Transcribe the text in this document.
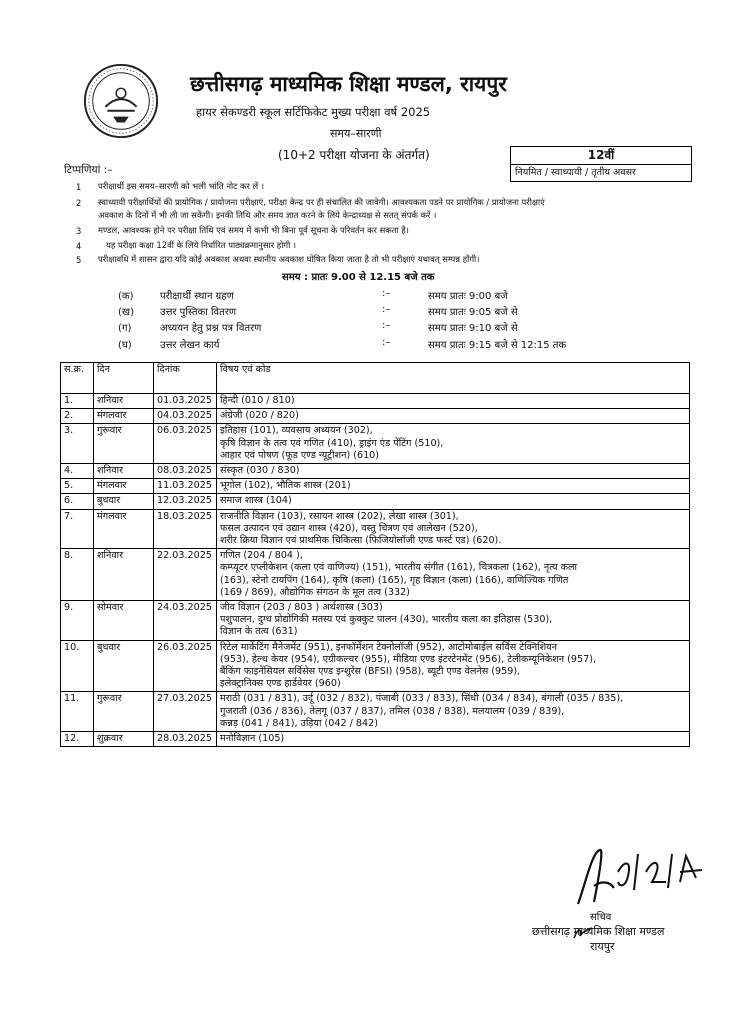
छत्तीसगढ़ माध्यमिक शिक्षा मण्डल, रायपुर
हायर सेकण्डरी स्कूल सर्टिफिकेट मुख्य परीक्षा वर्ष 2025
समय–सारणी
(10+2 परीक्षा योजना के अंतर्गत)	12वीं
नियमित / स्वाध्यायी / तृतीय अवसर
टिप्पणियां :–
1 परीक्षार्थी इस समय–सारणी को भली भांति नोट कर लें ।
2 स्वाध्यायी परीक्षार्थियों की प्रायोगिक / प्रायोजना परीक्षाएं, परीक्षा केन्द्र पर ही संचालित की जावेगी। आवश्यकता पडने पर प्रायोगिक / प्रायोजना परीक्षाएं
अवकाश के दिनों में भी ली जा सकेंगी। इनकी तिथि और समय ज्ञात करने के लिये केन्द्राध्यक्ष से सतत् संपर्क करें ।
3 मण्डल, आवश्यक होने पर परीक्षा तिथि एवं समय में कभी भी बिना पूर्व सूचना के परिवर्तन कर सकता है।
4	यह परीक्षा कक्षा 12वीं के लिये निर्धारित पाठ्यक्रमानुसार होगी ।
5 परीक्षावधि में शासन द्वारा यदि कोई अवकाश अथवा स्थानीय अवकाश घोषित किया जाता है तो भी परीक्षाएं यथावत् सम्पन्न होंगी।
समय : प्रातः 9.00 से 12.15 बजे तक
(क)	परीक्षार्थी स्थान ग्रहण	:–	समय प्रातः 9:00 बजे
(ख)	उत्तर पुस्तिका वितरण	:–	समय प्रातः 9:05 बजे से
(ग)	अध्ययन हेतु प्रश्न पत्र वितरण	:–	समय प्रातः 9:10 बजे से
(घ)	उत्तर लेखन कार्य	:–	समय प्रातः 9:15 बजे से 12:15 तक
स.क्र.	दिन	दिनांक	विषय एवं कोड
1.	शनिवार	01.03.2025	हिन्दी (010 / 810)

2.	मंगलवार	04.03.2025	अंग्रेजी (020 / 820)

3.	गुरूवार	06.03.2025	इतिहास (101), व्यवसाय अध्ययन (302),
कृषि विज्ञान के तत्व एवं गणित (410), ड्राइंग एंड पेंटिंग (510),
आहार एवं पोषण (फूड एण्ड न्यूट्रीशन) (610)

4.	शनिवार	08.03.2025	संस्कृत (030 / 830)

5.	मंगलवार	11.03.2025	भूगोल (102), भौतिक शास्त्र (201)

6.	बुधवार	12.03.2025	समाज शास्त्र (104)

7.	मंगलवार	18.03.2025	राजनीति विज्ञान (103), रसायन शास्त्र (202), लेखा शास्त्र (301),
फसल उत्पादन एवं उद्यान शास्त्र (420), वस्तु चित्रण एवं आलेखन (520),
शरीर क्रिया विज्ञान एवं प्राथमिक चिकित्सा (फिजियोलॉजी एण्ड फर्स्ट एड) (620).

8.	शनिवार	22.03.2025	गणित (204 / 804 ),
कम्प्यूटर एप्लीकेशन (कला एवं वाणिज्य) (151), भारतीय संगीत (161), चित्रकला (162), नृत्य कला
(163), स्टेनो टायपिंग (164), कृषि (कला) (165), गृह विज्ञान (कला) (166), वाणिज्यिक गणित
(169 / 869), औद्योगिक संगठन के मूल तत्व (332)

9.	सोमवार	24.03.2025	जीव विज्ञान (203 / 803 ) अर्थशास्त्र (303)
पशुपालन, दुग्ध प्रोद्योगिकी मतस्य एवं कुक्कुट पालन (430), भारतीय कला का इतिहास (530),
विज्ञान के तत्व (631)

10.	बुधवार	26.03.2025	रिटेल मार्केटिंग मैनेजमेंट (951), इनफॉर्मेशन टेक्नोलॉजी (952), आटोमोबाईल सर्विस टेक्निशियन
(953), हेल्थ केयर (954), एग्रीकल्चर (955), मीडिया एण्ड इंटरटेनमेंट (956), टेलीकम्यूनिकेशन (957),
बैंकिंग फाइनेंसियल सर्विसेस एण्ड इन्शुरेंस (BFSI) (958), ब्यूटी एण्ड वेलनेस (959),
इलेक्ट्रानिक्स एण्ड हार्डवेयर (960)

11.	गुरूवार	27.03.2025	मराठी (031 / 831), उर्दू (032 / 832), पंजाबी (033 / 833), सिंधी (034 / 834), बंगाली (035 / 835),
गुजराती (036 / 836), तेलगू (037 / 837), तमिल (038 / 838), मलयालम (039 / 839),
कन्नड़ (041 / 841), उड़िया (042 / 842)

12.	शुक्रवार	28.03.2025	मनोविज्ञान (105)
सचिव
छत्तीसगढ़ माध्यमिक शिक्षा मण्डल
रायपुर
